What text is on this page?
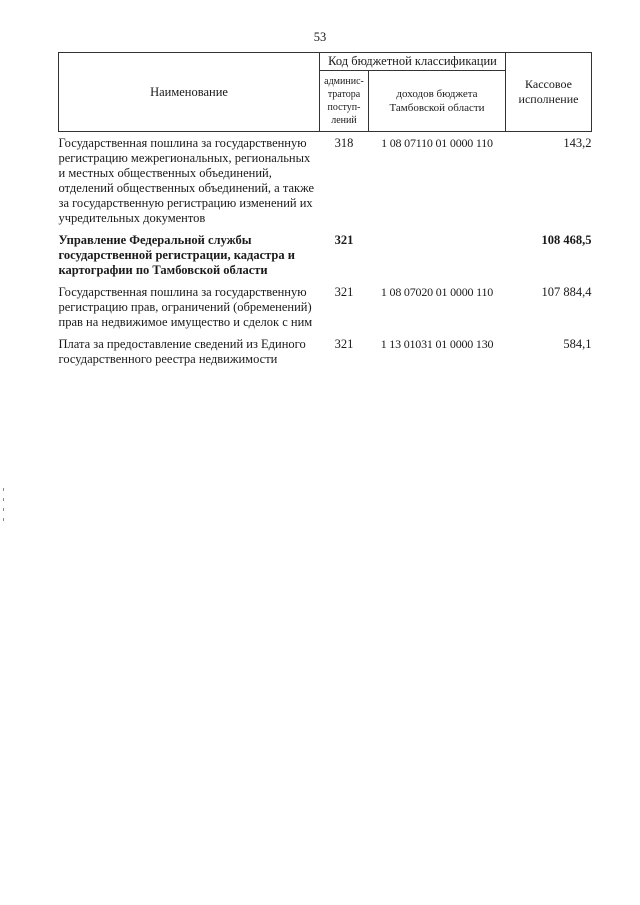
53
Наименование	Код бюджетной классификации		Кассовое
исполнение
	админис-
тратора
поступ-
лений	доходов бюджета
Тамбовской области	
Государственная пошлина за государственную регистрацию межрегиональных, региональных и местных общественных объединений, отделений общественных объединений, а также за государственную регистрацию изменений их учредительных документов	318	1 08 07110 01 0000 110	143,2
Управление Федеральной службы государственной регистрации, кадастра и картографии по Тамбовской области	321		108 468,5
Государственная пошлина за государственную регистрацию прав, ограничений (обременений) прав на недвижимое имущество и сделок с ним	321	1 08 07020 01 0000 110	107 884,4
Плата за предоставление сведений из Единого государственного реестра недвижимости	321	1 13 01031 01 0000 130	584,1
